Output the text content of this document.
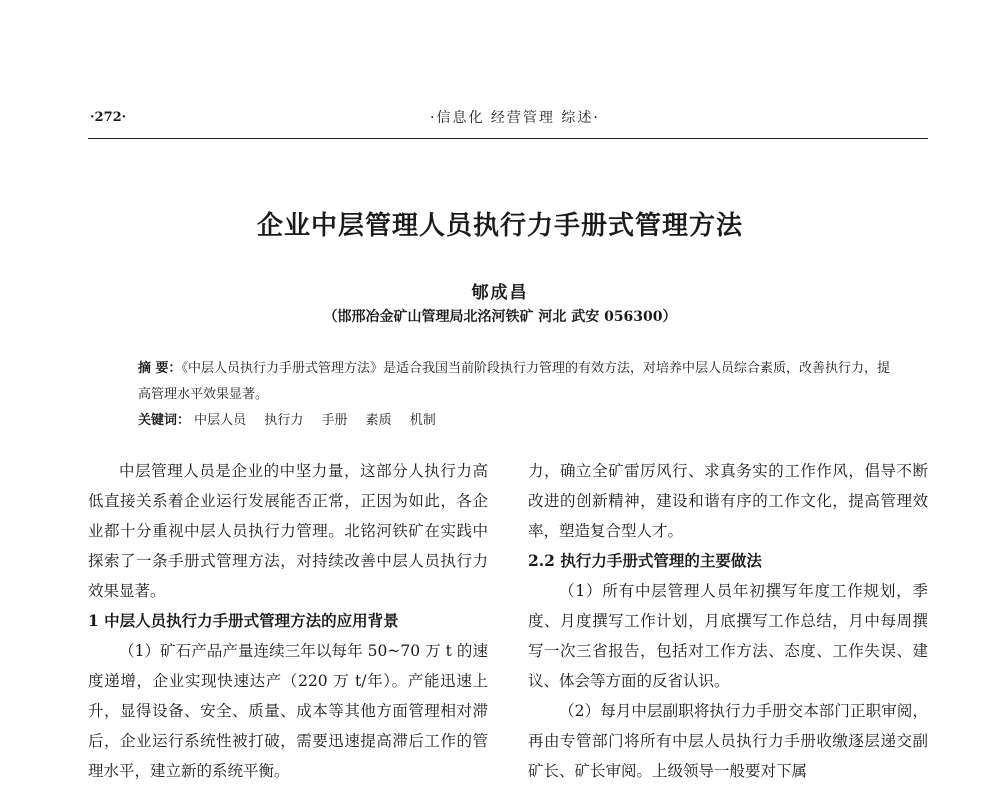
·272·	·信息化 经营管理 综述·
企业中层管理人员执行力手册式管理方法
郇成昌
（邯邢冶金矿山管理局北洺河铁矿 河北 武安 056300）
摘 要：《中层人员执行力手册式管理方法》是适合我国当前阶段执行力管理的有效方法，对培养中层人员综合素质，改善执行力，提高管理水平效果显著。
关键词： 中层人员 执行力 手册 素质 机制

中层管理人员是企业的中坚力量，这部分人执行力高低直接关系着企业运行发展能否正常，正因为如此，各企业都十分重视中层人员执行力管理。北铭河铁矿在实践中探索了一条手册式管理方法，对持续改善中层人员执行力效果显著。

1 中层人员执行力手册式管理方法的应用背景

（1）矿石产品产量连续三年以每年 50~70 万 t 的速度递增，企业实现快速达产（220 万 t/年）。产能迅速上升，显得设备、安全、质量、成本等其他方面管理相对滞后，企业运行系统性被打破，需要迅速提高滞后工作的管理水平，建立新的系统平衡。

力，确立全矿雷厉风行、求真务实的工作作风，倡导不断改进的创新精神，建设和谐有序的工作文化，提高管理效率，塑造复合型人才。

2.2 执行力手册式管理的主要做法

（1）所有中层管理人员年初撰写年度工作规划，季度、月度撰写工作计划，月底撰写工作总结，月中每周撰写一次三省报告，包括对工作方法、态度、工作失误、建议、体会等方面的反省认识。

（2）每月中层副职将执行力手册交本部门正职审阅，再由专管部门将所有中层人员执行力手册收缴逐层递交副矿长、矿长审阅。上级领导一般要对下属
